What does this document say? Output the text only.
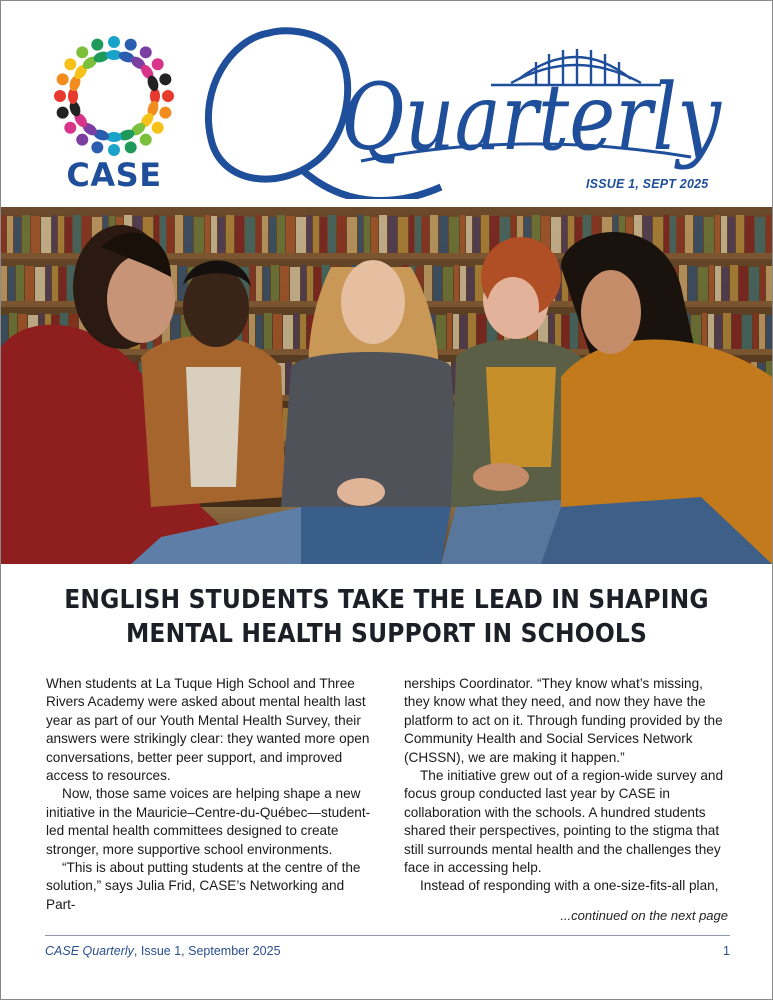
CASE
Quarterly
ISSUE 1, SEPT 2025
ENGLISH STUDENTS TAKE THE LEAD IN SHAPING
MENTAL HEALTH SUPPORT IN SCHOOLS

When students at La Tuque High School and Three Rivers Academy were asked about mental health last year as part of our Youth Mental Health Survey, their answers were strikingly clear: they wanted more open conversations, better peer support, and improved access to resources.

Now, those same voices are helping shape a new initiative in the Mauricie–Centre-du-Québec—student-led mental health committees designed to create stronger, more supportive school environments.

“This is about putting students at the centre of the solution,” says Julia Frid, CASE’s Networking and Part-

nerships Coordinator. “They know what’s missing, they know what they need, and now they have the platform to act on it. Through funding provided by the Community Health and Social Services Network (CHSSN), we are making it happen.”

The initiative grew out of a region-wide survey and focus group conducted last year by CASE in collaboration with the schools. A hundred students shared their perspectives, pointing to the stigma that still surrounds mental health and the challenges they face in accessing help.

Instead of responding with a one-size-fits-all plan,

...continued on the next page
CASE Quarterly, Issue 1, September 2025	1
